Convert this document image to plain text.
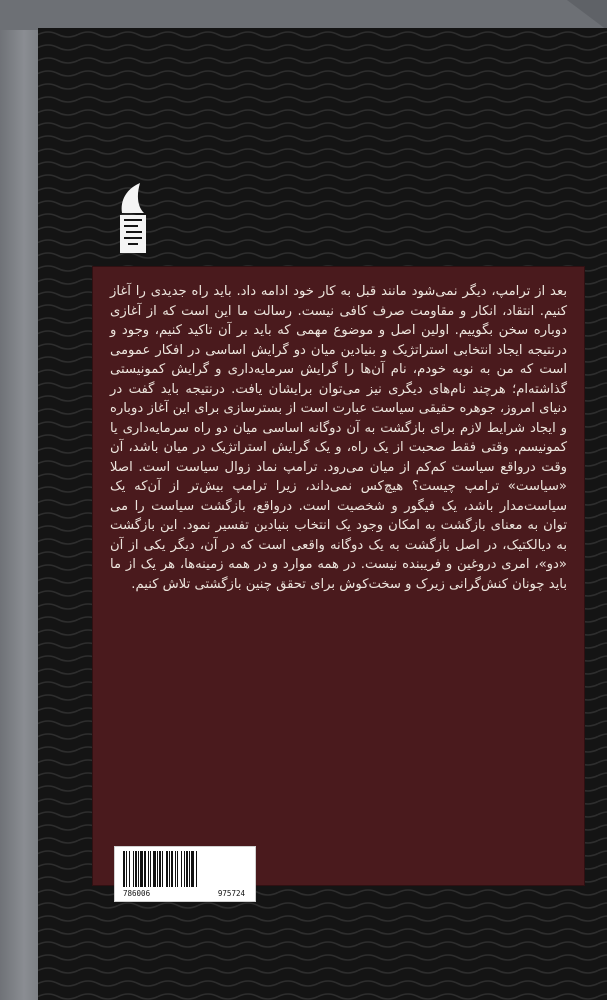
بعد از ترامپ، دیگر نمی‌شود مانند قبل به کار خود ادامه داد. باید راه جدیدی را آغاز کنیم. انتقاد، انکار و مقاومت صرف کافی نیست. رسالت ما این است که از آغازی دوباره سخن بگوییم. اولین اصل و موضوع مهمی که باید بر آن تاکید کنیم، وجود و درنتیجه ایجاد انتخابی استراتژیک و بنیادین میان دو گرایش اساسی در افکار عمومی است که من به نوبه خودم، نام آن‌ها را گرایش سرمایه‌داری و گرایش کمونیستی گذاشته‌ام؛ هرچند نام‌های دیگری نیز می‌توان برایشان یافت. درنتیجه باید گفت در دنیای امروز، جوهره حقیقی سیاست عبارت است از بسترسازی برای این آغاز دوباره و ایجاد شرایط لازم برای بازگشت به آن دوگانه اساسی میان دو راه سرمایه‌داری یا کمونیسم. وقتی فقط صحبت از یک راه، و یک گرایش استراتژیک در میان باشد، آن وقت درواقع سیاست کم‌کم از میان می‌رود. ترامپ نماد زوال سیاست است. اصلا «سیاست» ترامپ چیست؟ هیچ‌کس نمی‌داند، زیرا ترامپ بیش‌تر از آن‌که یک سیاست‌مدار باشد، یک فیگور و شخصیت است. درواقع، بازگشت سیاست را می توان به معنای بازگشت به امکان وجود یک انتخاب بنیادین تفسیر نمود. این بازگشت به دیالکتیک، در اصل بازگشت به یک دوگانه واقعی است که در آن، دیگر یکی از آن «دو»، امری دروغین و فریبنده نیست. در همه موارد و در همه زمینه‌ها، هر یک از ما باید چونان کنش‌گرانی زیرک و سخت‌کوش برای تحقق چنین بازگشتی تلاش کنیم.

786006	975724
